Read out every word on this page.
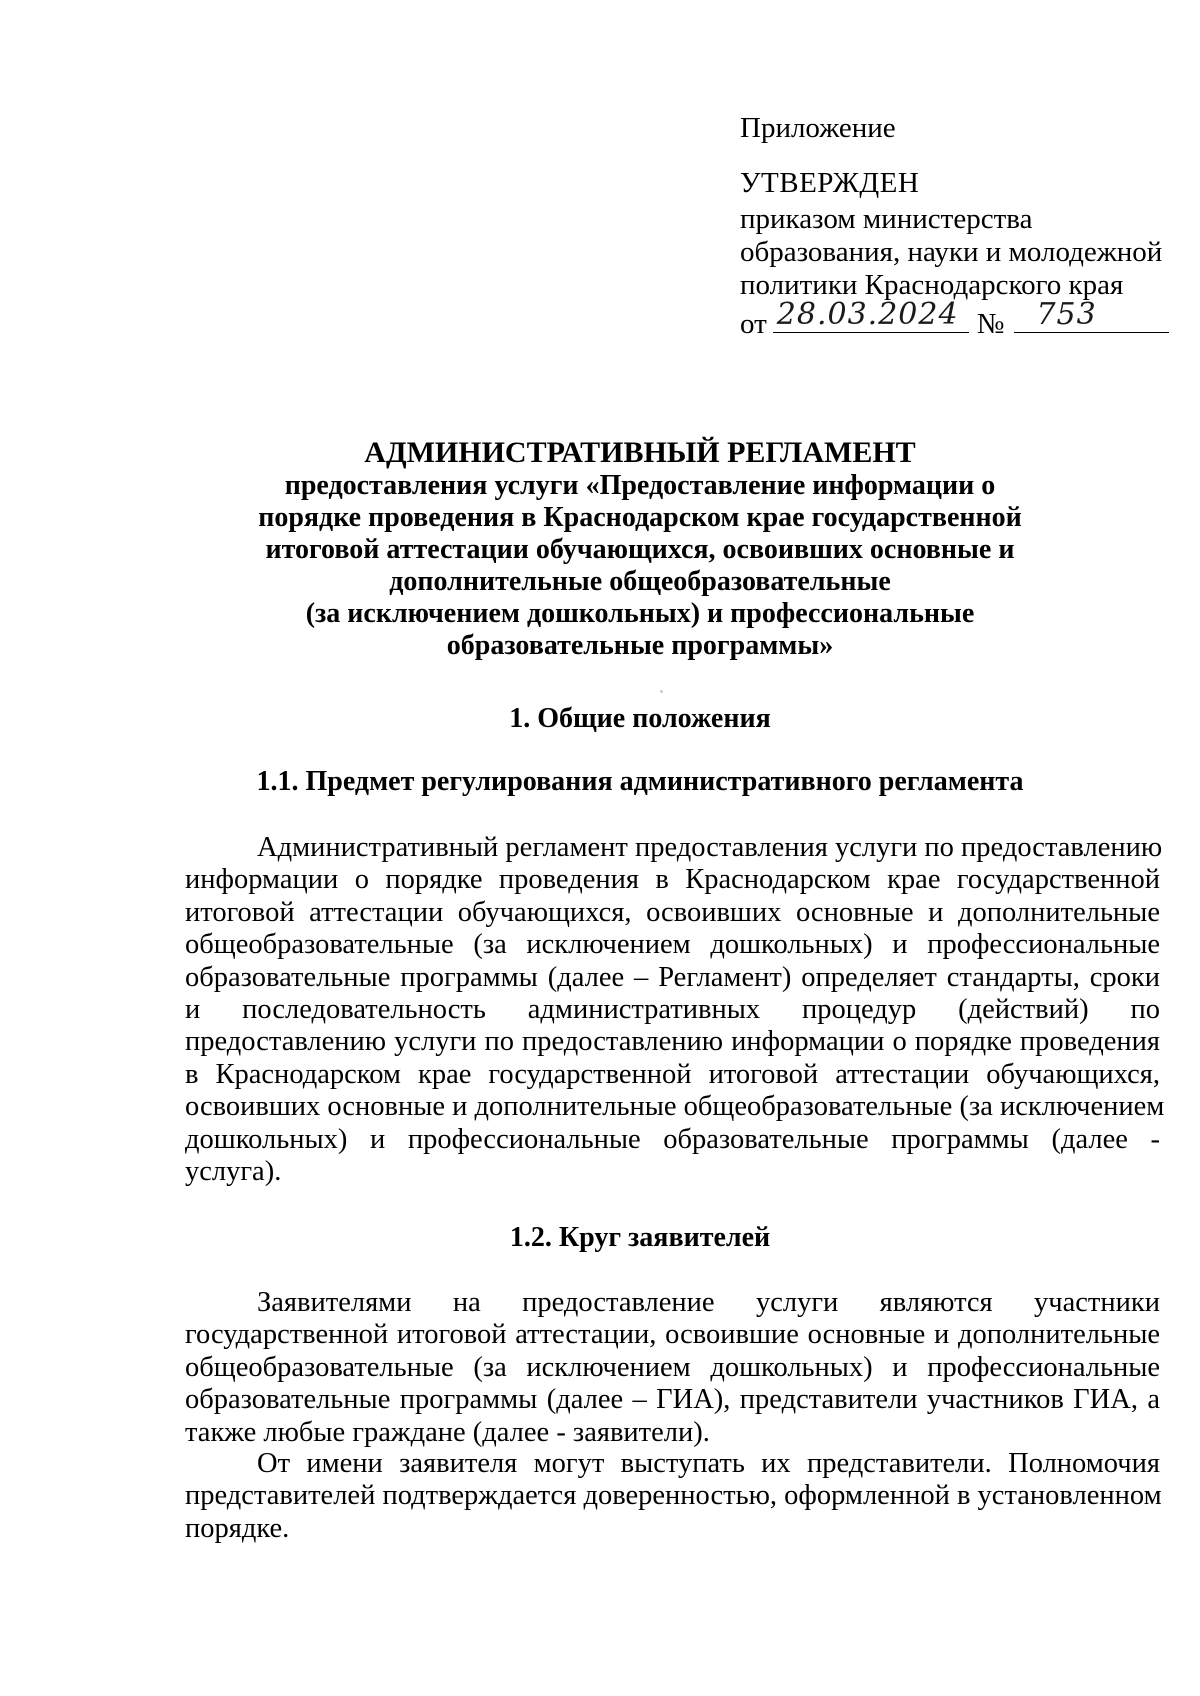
Приложение
УТВЕРЖДЕН
приказом министерства
образования, науки и молодежной
политики Краснодарского края
от 28.03.2024 № 753
АДМИНИСТРАТИВНЫЙ РЕГЛАМЕНТ
предоставления услуги «Предоставление информации о
порядке проведения в Краснодарском крае государственной
итоговой аттестации обучающихся, освоивших основные и
дополнительные общеобразовательные
(за исключением дошкольных) и профессиональные
образовательные программы»
1. Общие положения
1.1. Предмет регулирования административного регламента
Административный регламент предоставления услуги по предоставлению
информации о порядке проведения в Краснодарском крае государственной
итоговой аттестации обучающихся, освоивших основные и дополнительные
общеобразовательные (за исключением дошкольных) и профессиональные
образовательные программы (далее – Регламент) определяет стандарты, сроки
и последовательность административных процедур (действий) по
предоставлению услуги по предоставлению информации о порядке проведения
в Краснодарском крае государственной итоговой аттестации обучающихся,
освоивших основные и дополнительные общеобразовательные (за исключением
дошкольных) и профессиональные образовательные программы (далее -
услуга).
1.2. Круг заявителей
Заявителями на предоставление услуги являются участники
государственной итоговой аттестации, освоившие основные и дополнительные
общеобразовательные (за исключением дошкольных) и профессиональные
образовательные программы (далее – ГИА), представители участников ГИА, а
также любые граждане (далее - заявители).
От имени заявителя могут выступать их представители. Полномочия
представителей подтверждается доверенностью, оформленной в установленном
порядке.
